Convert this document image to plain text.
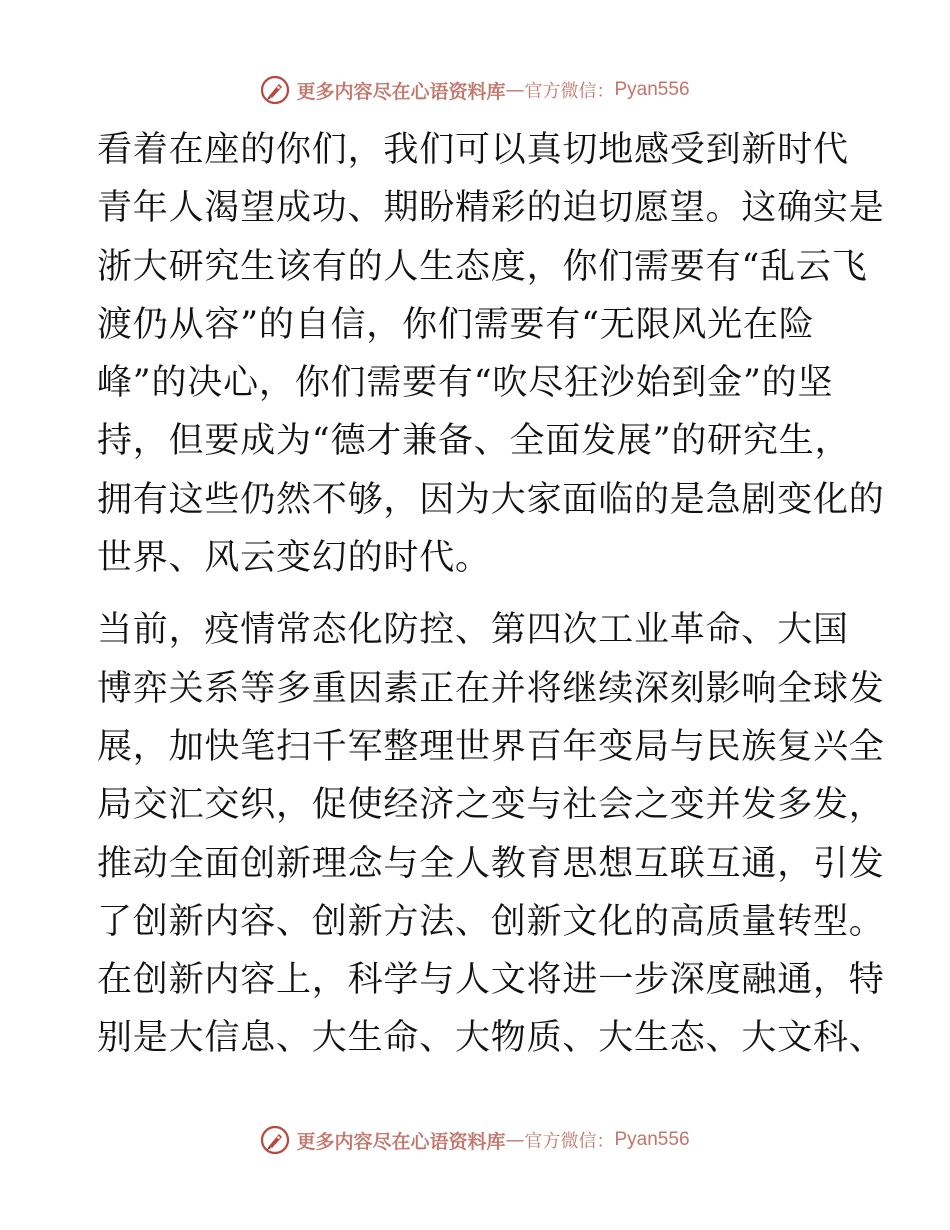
更多内容尽在心语资料库 — 官方微信： Pyan556
看着在座的你们，我们可以真切地感受到新时代
青年人渴望成功、期盼精彩的迫切愿望。这确实是
浙大研究生该有的人生态度，你们需要有“乱云飞
渡仍从容”的自信，你们需要有“无限风光在险
峰”的决心，你们需要有“吹尽狂沙始到金”的坚
持，但要成为“德才兼备、全面发展”的研究生，
拥有这些仍然不够，因为大家面临的是急剧变化的
世界、风云变幻的时代。
当前，疫情常态化防控、第四次工业革命、大国
博弈关系等多重因素正在并将继续深刻影响全球发
展，加快笔扫千军整理世界百年变局与民族复兴全
局交汇交织，促使经济之变与社会之变并发多发，
推动全面创新理念与全人教育思想互联互通，引发
了创新内容、创新方法、创新文化的高质量转型。
在创新内容上，科学与人文将进一步深度融通，特
别是大信息、大生命、大物质、大生态、大文科、
更多内容尽在心语资料库 — 官方微信： Pyan556
